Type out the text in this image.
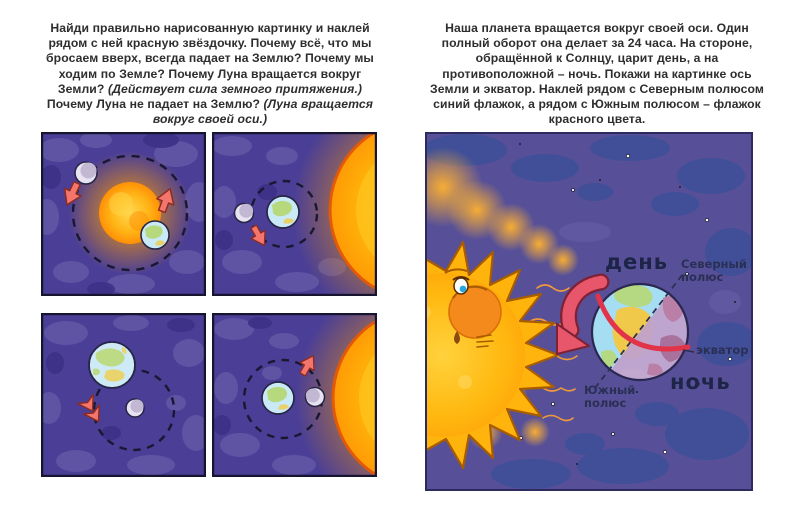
Найди правильно нарисованную картинку и наклей рядом с ней красную звёздочку. Почему всё, что мы бросаем вверх, всегда падает на Землю? Почему мы ходим по Земле? Почему Луна вращается вокруг Земли? (Действует сила земного притяжения.) Почему Луна не падает на Землю? (Луна вращается вокруг своей оси.)
Наша планета вращается вокруг своей оси. Один полный оборот она делает за 24 часа. На стороне, обращённой к Солнцу, царит день, а на противоположной – ночь. Покажи на картинке ось Земли и экватор. Наклей рядом с Северным полюсом синий флажок, а рядом с Южным полюсом – флажок красного цвета.
день
ночь
Северный
полюс
экватор
Южный
полюс
